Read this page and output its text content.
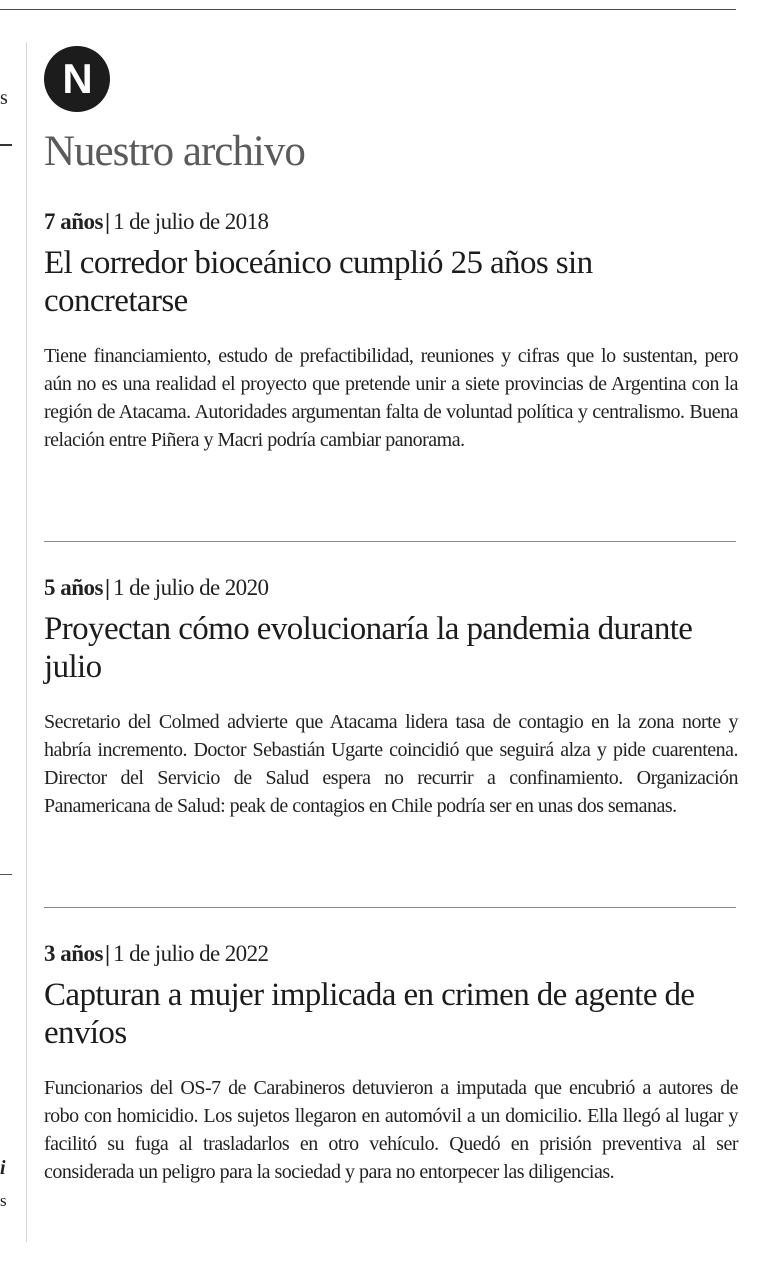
s
i
s
N
Nuestro archivo
7 años| 1 de julio de 2018
El corredor bioceánico cumplió 25 años sin concretarse

Tiene financiamiento, estudo de prefactibilidad, reuniones y cifras que lo sustentan, pero aún no es una realidad el proyecto que pretende unir a siete provincias de Argentina con la región de Atacama. Autoridades argumentan falta de voluntad política y centralismo. Buena relación entre Piñera y Macri podría cambiar panorama.

5 años| 1 de julio de 2020
Proyectan cómo evolucionaría la pandemia durante julio

Secretario del Colmed advierte que Atacama lidera tasa de contagio en la zona norte y habría incremento. Doctor Sebastián Ugarte coincidió que seguirá alza y pide cuarentena. Director del Servicio de Salud espera no recurrir a confinamiento. Organización Panamericana de Salud: peak de contagios en Chile podría ser en unas dos semanas.

3 años| 1 de julio de 2022
Capturan a mujer implicada en crimen de agente de envíos

Funcionarios del OS-7 de Carabineros detuvieron a imputada que encubrió a autores de robo con homicidio. Los sujetos llegaron en automóvil a un domicilio. Ella llegó al lugar y facilitó su fuga al trasladarlos en otro vehículo. Quedó en prisión preventiva al ser considerada un peligro para la sociedad y para no entorpecer las diligencias.
